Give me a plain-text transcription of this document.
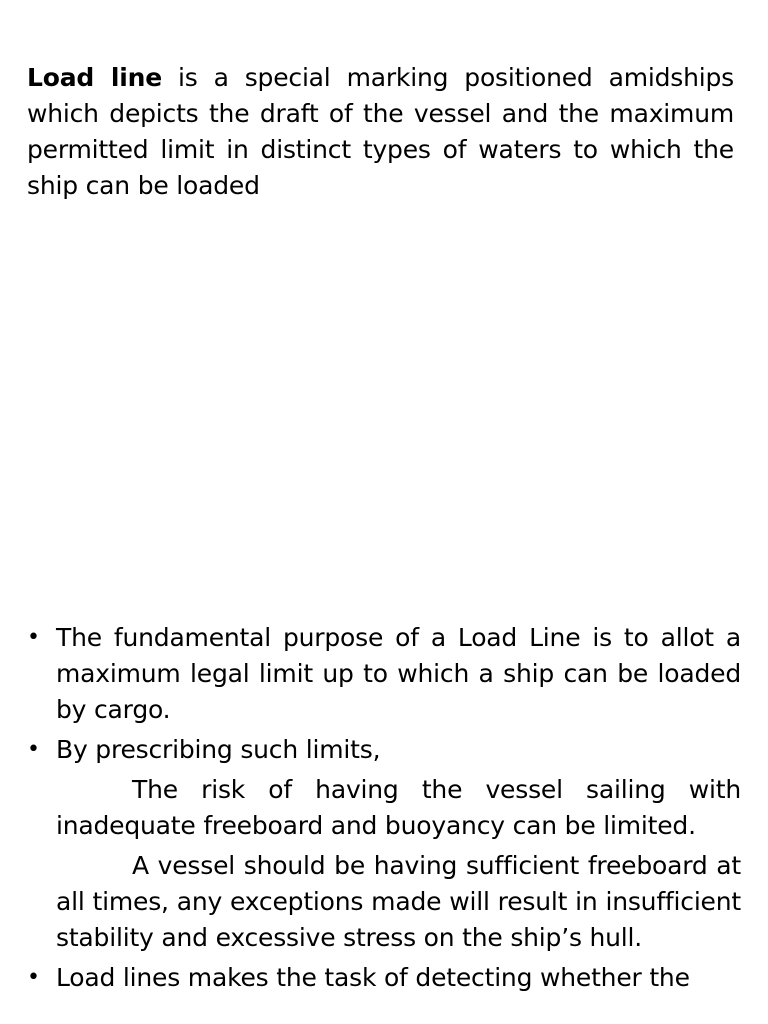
Load line is a special marking positioned amidships which depicts the draft of the vessel and the maximum permitted limit in distinct types of waters to which the ship can be loaded

• The fundamental purpose of a Load Line is to allot a maximum legal limit up to which a ship can be loaded by cargo.
• By prescribing such limits,
The risk of having the vessel sailing with inadequate freeboard and buoyancy can be limited.
A vessel should be having sufficient freeboard at all times, any exceptions made will result in insufficient stability and excessive stress on the ship’s hull.
• Load lines makes the task of detecting whether the
